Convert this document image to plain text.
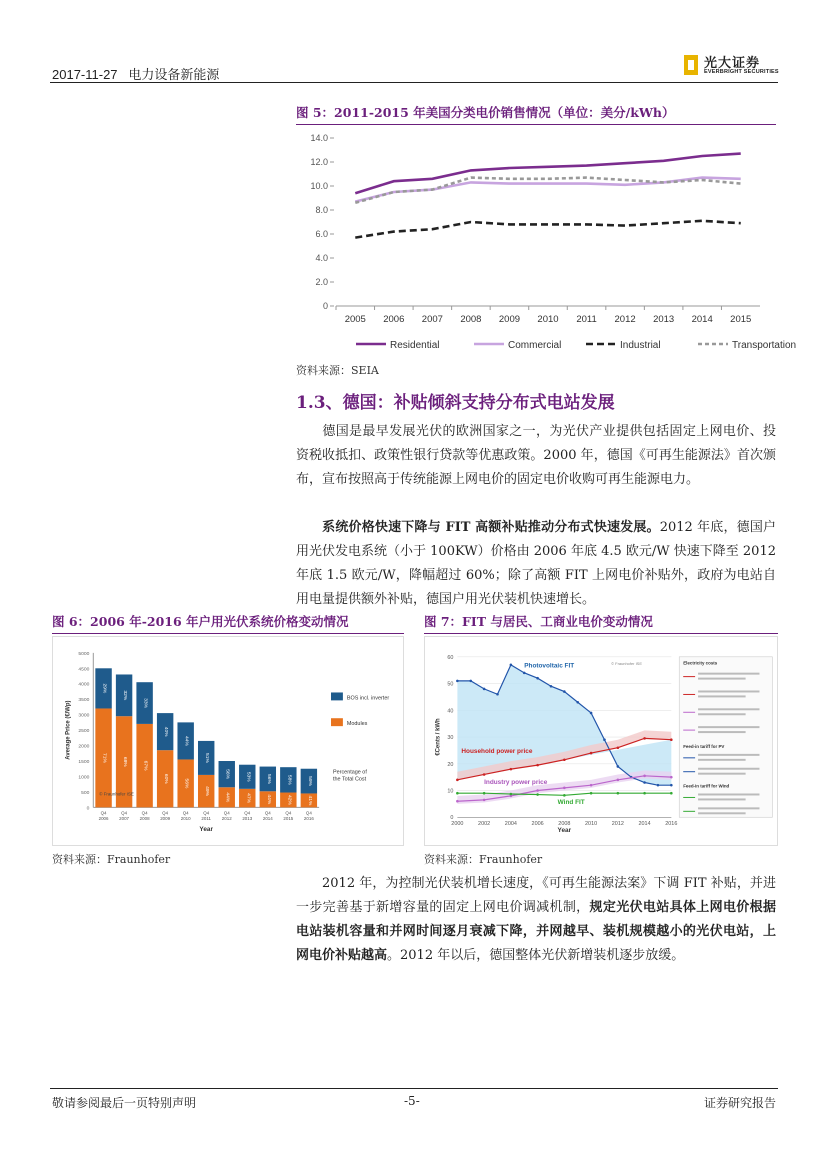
2017-11-27 电力设备新能源
光大证券
EVERBRIGHT SECURITIES
图 5：2011-2015 年美国分类电价销售情况（单位：美分/kWh）
0
2.0
4.0
6.0
8.0
10.0
12.0
14.0
2005 2006 2007 2008 2009 2010 2011 2012 2013 2014 2015
Residential	Commercial	Industrial	Transportation
资料来源：SEIA
1.3、德国：补贴倾斜支持分布式电站发展
德国是最早发展光伏的欧洲国家之一，为光伏产业提供包括固定上网电价、投资税收抵扣、政策性银行贷款等优惠政策。2000 年，德国《可再生能源法》首次颁布，宣布按照高于传统能源上网电价的固定电价收购可再生能源电力。
系统价格快速下降与 FIT 高额补贴推动分布式快速发展。2012 年底，德国户用光伏发电系统（小于 100KW）价格由 2006 年底 4.5 欧元/W 快速下降至 2012 年底 1.5 欧元/W，降幅超过 60%；除了高额 FIT 上网电价补贴外，政府为电站自用电量提供额外补贴，德国户用光伏装机快速增长。
图 6：2006 年-2016 年户用光伏系统价格变动情况
0
500
1000
1500
2000
2500
3000
3500
4000
4500
5000
Average Price (€/Wp)
Year
71%
29%
Q4
2006
68%
32%
Q4
2007
67%
33%
Q4
2008
60%
40%
Q4
2009
56%
44%
Q4
2010
49%
51%
Q4
2011
44%
56%
Q4
2012
47%
53%
Q4
2013
44%
56%
Q4
2014
42%
58%
Q4
2015
41%
59%
Q4
2016
© Fraunhofer ISE
BOS incl. inverter
Modules
Percentage of
the Total Cost
资料来源：Fraunhofer
图 7：FIT 与居民、工商业电价变动情况
0
10
20
30
40
50
60
2000	2002	2004	2006	2008	2010	2012	2014	2016
€Cents / kWh
Year
Photovoltaic FIT
Household power price
Industry power price
Wind FIT
© Fraunhofer ISE	Electricity costs
Feed-in tariff for PV
Feed-in tariff for Wind
资料来源：Fraunhofer
2012 年，为控制光伏装机增长速度，《可再生能源法案》下调 FIT 补贴，并进一步完善基于新增容量的固定上网电价调减机制，规定光伏电站具体上网电价根据电站装机容量和并网时间逐月衰减下降，并网越早、装机规模越小的光伏电站，上网电价补贴越高。2012 年以后，德国整体光伏新增装机逐步放缓。
敬请参阅最后一页特别声明	-5-	证券研究报告
